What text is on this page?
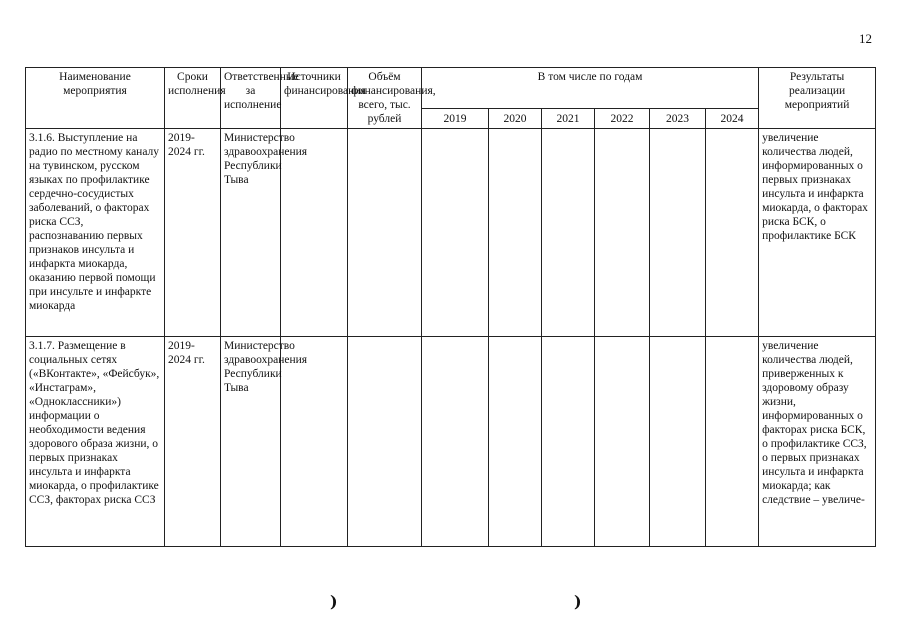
12
Наименование мероприятия	Сроки исполнения	Ответственные за исполнение	Источники финансирования	Объём финансирования, всего, тыс. рублей	В том числе по годам						Результаты реализации мероприятий
					2019	2020	2021	2022	2023	2024	
3.1.6. Выступление на радио по местному каналу на тувинском, русском языках по профилактике сердечно-сосудистых заболеваний, о факторах риска ССЗ, распознаванию первых признаков инсульта и инфаркта миокарда, оказанию первой помощи при инсульте и инфаркте миокарда	2019-2024 гг.	Министерство здравоохранения Республики Тыва									увеличение количества людей, информированных о первых признаках инсульта и инфаркта миокарда, о факторах риска БСК, о профилактике БСК
3.1.7. Размещение в социальных сетях («ВКонтакте», «Фейсбук», «Инстаграм», «Одноклассники») информации о необходимости ведения здорового образа жизни, о первых признаках инсульта и инфаркта миокарда, о профилактике ССЗ, факторах риска ССЗ	2019-2024 гг.	Министерство здравоохранения Республики Тыва									увеличение количества людей, приверженных к здоровому образу жизни, информированных о факторах риска БСК, о профилактике ССЗ, о первых признаках инсульта и инфаркта миокарда; как следствие – увеличе-
)	)
